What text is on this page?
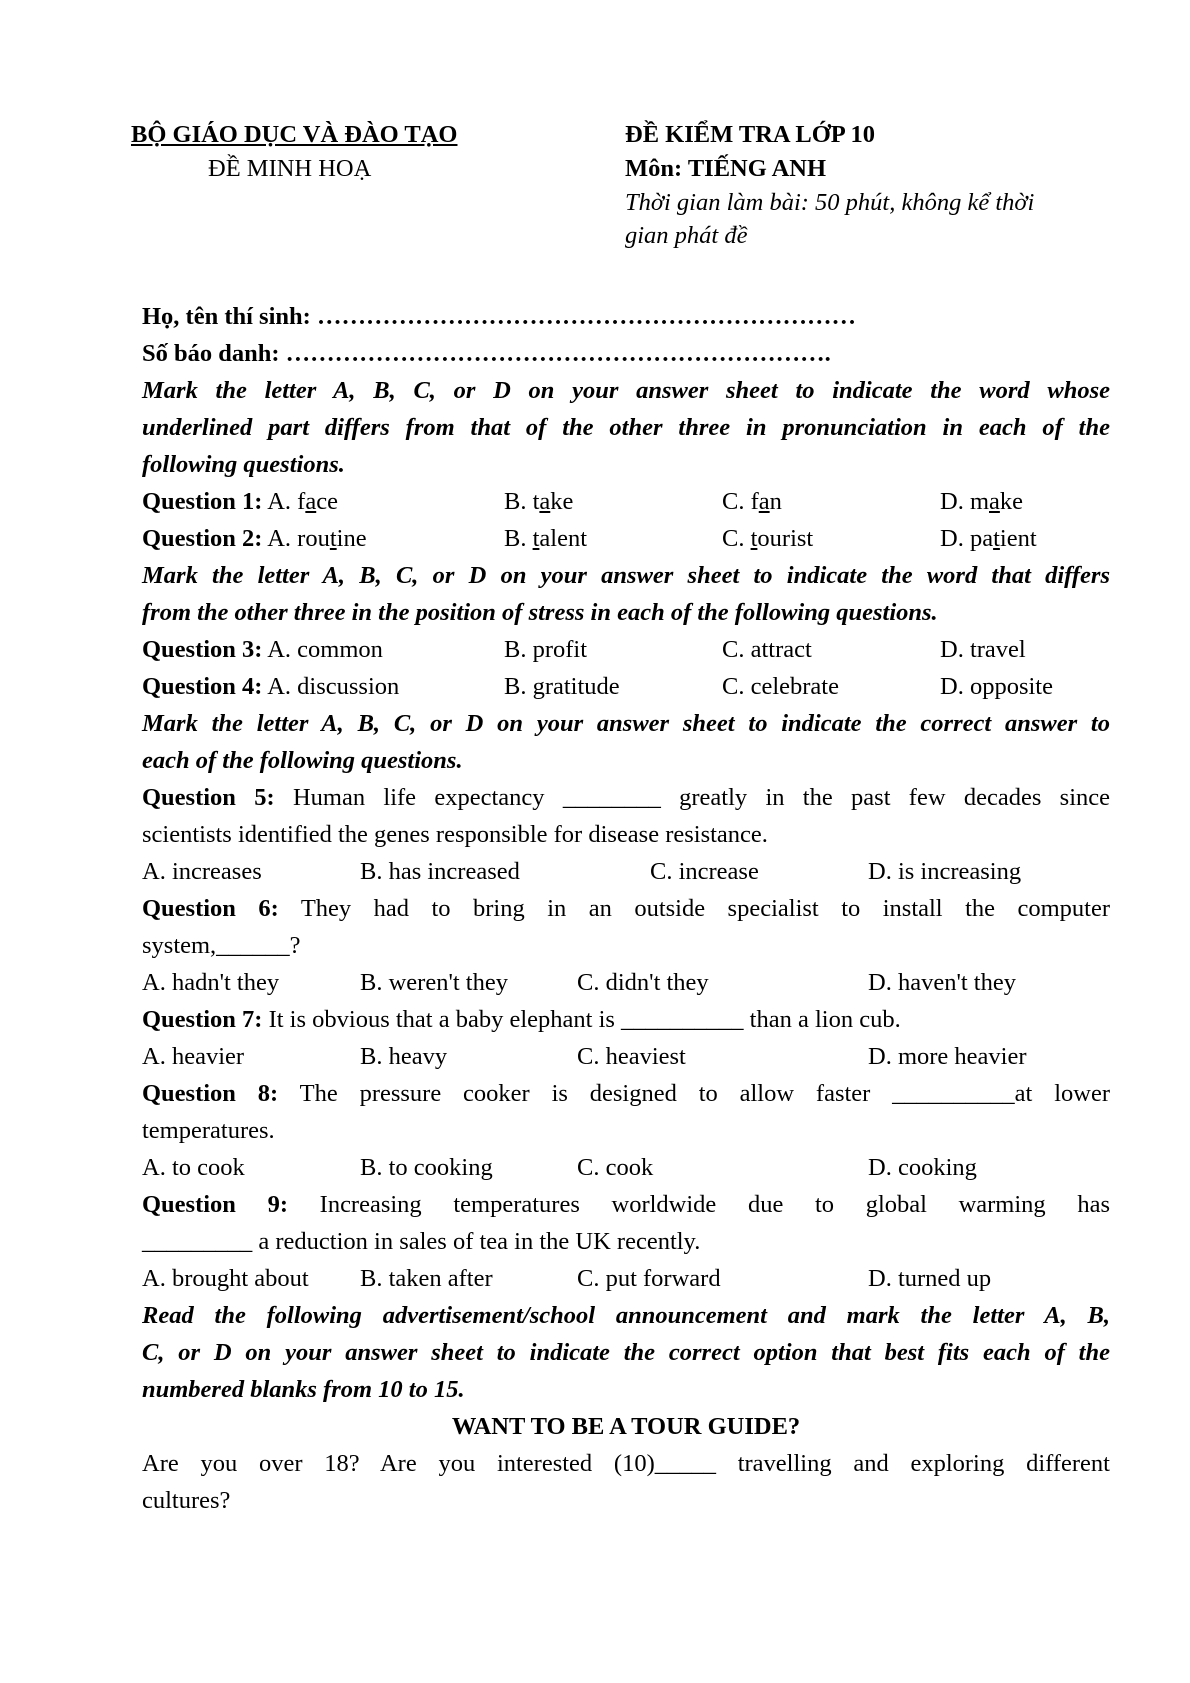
BỘ GIÁO DỤC VÀ ĐÀO TẠO
ĐỀ MINH HOẠ
ĐỀ KIỂM TRA LỚP 10
Môn: TIẾNG ANH
Thời gian làm bài: 50 phút, không kể thời
gian phát đề
Họ, tên thí sinh: …………………………………………………………
Số báo danh: ………………………………………………………….
Mark the letter A, B, C, or D on your answer sheet to indicate the word whose
underlined part differs from that of the other three in pronunciation in each of the
following questions.
Question 1: A. face	B. take	C. fan	D. make
Question 2: A. routine	B. talent	C. tourist	D. patient
Mark the letter A, B, C, or D on your answer sheet to indicate the word that differs
from the other three in the position of stress in each of the following questions.
Question 3: A. common	B. profit	C. attract	D. travel
Question 4: A. discussion	B. gratitude	C. celebrate	D. opposite
Mark the letter A, B, C, or D on your answer sheet to indicate the correct answer to
each of the following questions.
Question 5: Human life expectancy ________ greatly in the past few decades since
scientists identified the genes responsible for disease resistance.
A. increases	B. has increased	C. increase	D. is increasing
Question 6: They had to bring in an outside specialist to install the computer
system,______?
A. hadn't they	B. weren't they	C. didn't they	D. haven't they
Question 7: It is obvious that a baby elephant is __________ than a lion cub.
A. heavier	B. heavy	C. heaviest	D. more heavier
Question 8: The pressure cooker is designed to allow faster __________at lower
temperatures.
A. to cook	B. to cooking	C. cook	D. cooking
Question 9: Increasing temperatures worldwide due to global warming has
_________ a reduction in sales of tea in the UK recently.
A. brought about B. taken after	C. put forward	D. turned up
Read the following advertisement/school announcement and mark the letter A, B,
C, or D on your answer sheet to indicate the correct option that best fits each of the
numbered blanks from 10 to 15.
WANT TO BE A TOUR GUIDE?
Are you over 18? Are you interested (10)_____ travelling and exploring different
cultures?
